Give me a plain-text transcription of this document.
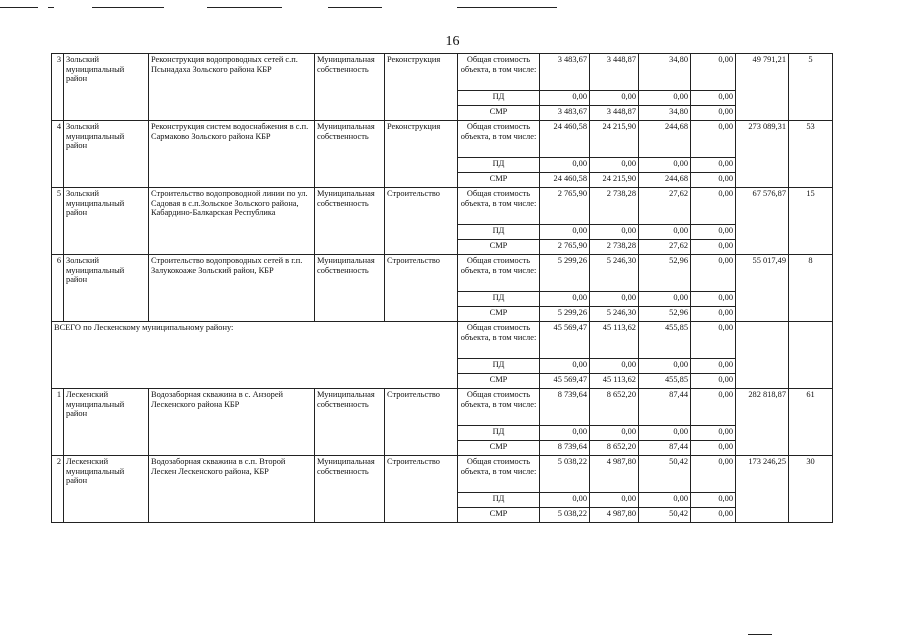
16
3	Зольский муниципальный район	Реконструкция водопроводных сетей с.п. Псынадаха Зольского района КБР	Муниципальная собственность	Реконструкция	Общая стоимость объекта, в том числе:	3 483,67	3 448,87	34,80	0,00	49 791,21	5
					ПД	0,00	0,00	0,00	0,00		
					СМР	3 483,67	3 448,87	34,80	0,00		
4	Зольский муниципальный район	Реконструкция систем водоснабжения в с.п. Сармаково Зольского района КБР	Муниципальная собственность	Реконструкция	Общая стоимость объекта, в том числе:	24 460,58	24 215,90	244,68	0,00	273 089,31	53
					ПД	0,00	0,00	0,00	0,00		
					СМР	24 460,58	24 215,90	244,68	0,00		
5	Зольский муниципальный район	Строительство водопроводной линии по ул. Садовая в с.п.Зольское Зольского района, Кабардино-Балкарская Республика	Муниципальная собственность	Строительство	Общая стоимость объекта, в том числе:	2 765,90	2 738,28	27,62	0,00	67 576,87	15
					ПД	0,00	0,00	0,00	0,00		
					СМР	2 765,90	2 738,28	27,62	0,00		
6	Зольский муниципальный район	Строительство водопроводных сетей в г.п. Залукокоаже Зольский район, КБР	Муниципальная собственность	Строительство	Общая стоимость объекта, в том числе:	5 299,26	5 246,30	52,96	0,00	55 017,49	8
					ПД	0,00	0,00	0,00	0,00		
					СМР	5 299,26	5 246,30	52,96	0,00		
ВСЕГО по Лескенскому муниципальному району:					Общая стоимость объекта, в том числе:	45 569,47	45 113,62	455,85	0,00		
					ПД	0,00	0,00	0,00	0,00		
					СМР	45 569,47	45 113,62	455,85	0,00		
1	Лескенский муниципальный район	Водозаборная скважина в с. Анзорей Лескенского района КБР	Муниципальная собственность	Строительство	Общая стоимость объекта, в том числе:	8 739,64	8 652,20	87,44	0,00	282 818,87	61
					ПД	0,00	0,00	0,00	0,00		
					СМР	8 739,64	8 652,20	87,44	0,00		
2	Лескенский муниципальный район	Водозаборная скважина в с.п. Второй Лескен Лескенского района, КБР	Муниципальная собственность	Строительство	Общая стоимость объекта, в том числе:	5 038,22	4 987,80	50,42	0,00	173 246,25	30
					ПД	0,00	0,00	0,00	0,00		
					СМР	5 038,22	4 987,80	50,42	0,00		
